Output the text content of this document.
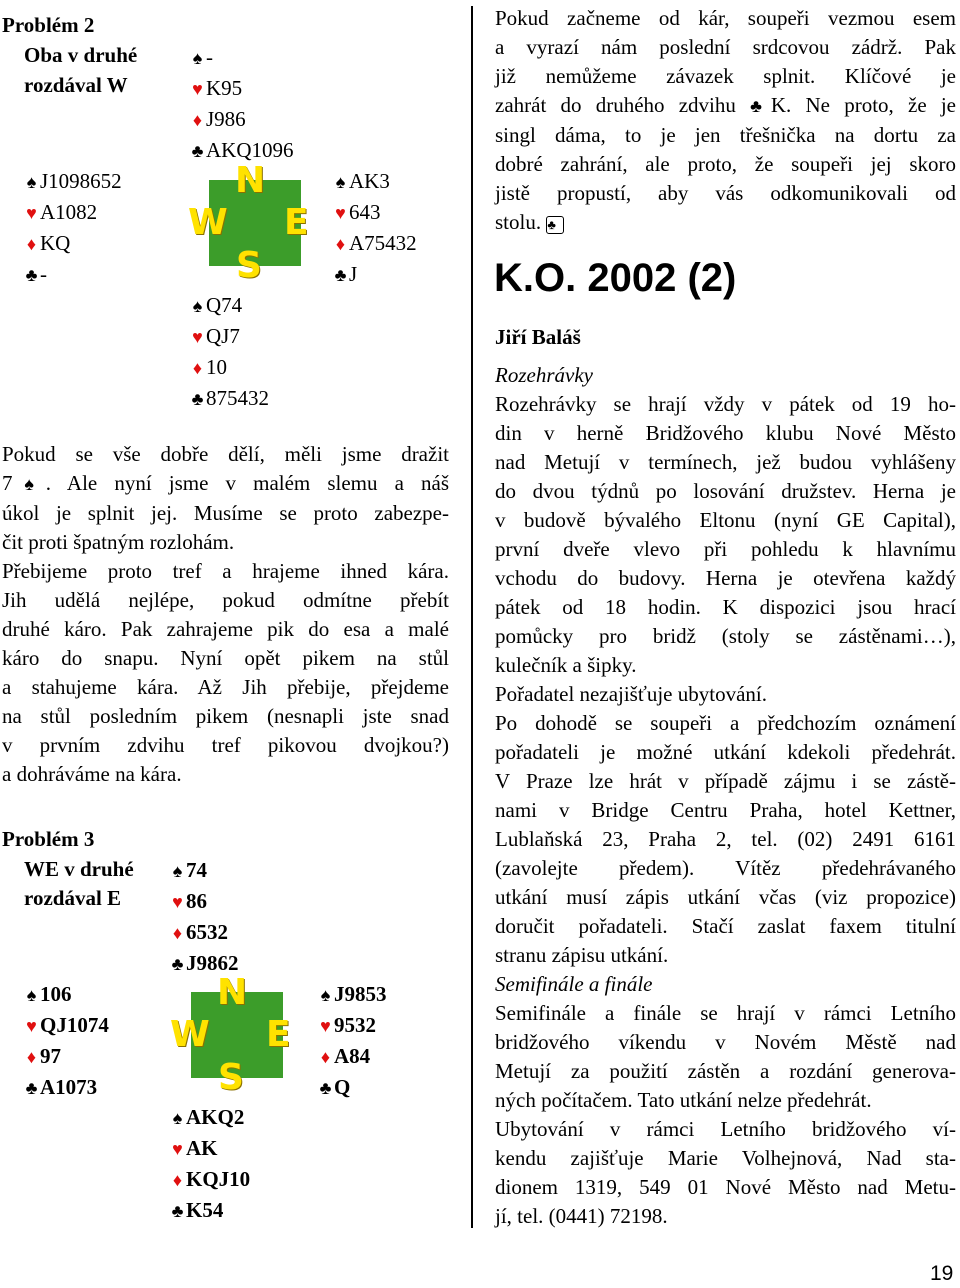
Problém 2
Oba v druhé
rozdával W
♠ -
♥ K95
♦ J986
♣ AKQ1096
♠ J1098652
♥ A1082
♦ KQ
♣ -
N
W E
S
♠ AK3
♥ 643
♦ A75432
♣ J
♠ Q74
♥ QJ7
♦ 10
♣ 875432
Pokud se vše dobře dělí, měli jsme dražit
7♠. Ale nyní jsme v malém slemu a náš
úkol je splnit jej. Musíme se proto zabezpe-
čit proti špatným rozlohám.
Přebijeme proto tref a hrajeme ihned kára.
Jih udělá nejlépe, pokud odmítne přebít
druhé káro. Pak zahrajeme pik do esa a malé
káro do snapu. Nyní opět pikem na stůl
a stahujeme kára. Až Jih přebije, přejdeme
na stůl posledním pikem (nesnapli jste snad
v prvním zdvihu tref pikovou dvojkou?)
a dohráváme na kára.
Problém 3
WE v druhé
rozdával E
♠ 74
♥ 86
♦ 6532
♣ J9862
♠ 106
♥ QJ1074
♦ 97
♣ A1073
N
W E
S
♠ J9853
♥ 9532
♦ A84
♣ Q
♠ AKQ2
♥ AK
♦ KQJ10
♣ K54
Pokud začneme od kár, soupeři vezmou esem
a vyrazí nám poslední srdcovou zádrž. Pak
již nemůžeme závazek splnit. Klíčové je
zahrát do druhého zdvihu ♣K. Ne proto, že je
singl dáma, to je jen třešnička na dortu za
dobré zahrání, ale proto, že soupeři jej skoro
jistě propustí, aby vás odkomunikovali od
stolu. ♣
K.O. 2002 (2)
Jiří Baláš
Rozehrávky
Rozehrávky se hrají vždy v pátek od 19 ho-
din v herně Bridžového klubu Nové Město
nad Metují v termínech, jež budou vyhlášeny
do dvou týdnů po losování družstev. Herna je
v budově bývalého Eltonu (nyní GE Capital),
první dveře vlevo při pohledu k hlavnímu
vchodu do budovy. Herna je otevřena každý
pátek od 18 hodin. K dispozici jsou hrací
pomůcky pro bridž (stoly se zástěnami…),
kulečník a šipky.
Pořadatel nezajišťuje ubytování.
Po dohodě se soupeři a předchozím oznámení
pořadateli je možné utkání kdekoli předehrát.
V Praze lze hrát v případě zájmu i se zástě-
nami v Bridge Centru Praha, hotel Kettner,
Lublaňská 23, Praha 2, tel. (02) 2491 6161
(zavolejte předem). Vítěz předehrávaného
utkání musí zápis utkání včas (viz propozice)
doručit pořadateli. Stačí zaslat faxem titulní
stranu zápisu utkání.
Semifinále a finále
Semifinále a finále se hrají v rámci Letního
bridžového víkendu v Novém Městě nad
Metují za použití zástěn a rozdání generova-
ných počítačem. Tato utkání nelze předehrát.
Ubytování v rámci Letního bridžového ví-
kendu zajišťuje Marie Volhejnová, Nad sta-
dionem 1319, 549 01 Nové Město nad Metu-
jí, tel. (0441) 72198.
19
